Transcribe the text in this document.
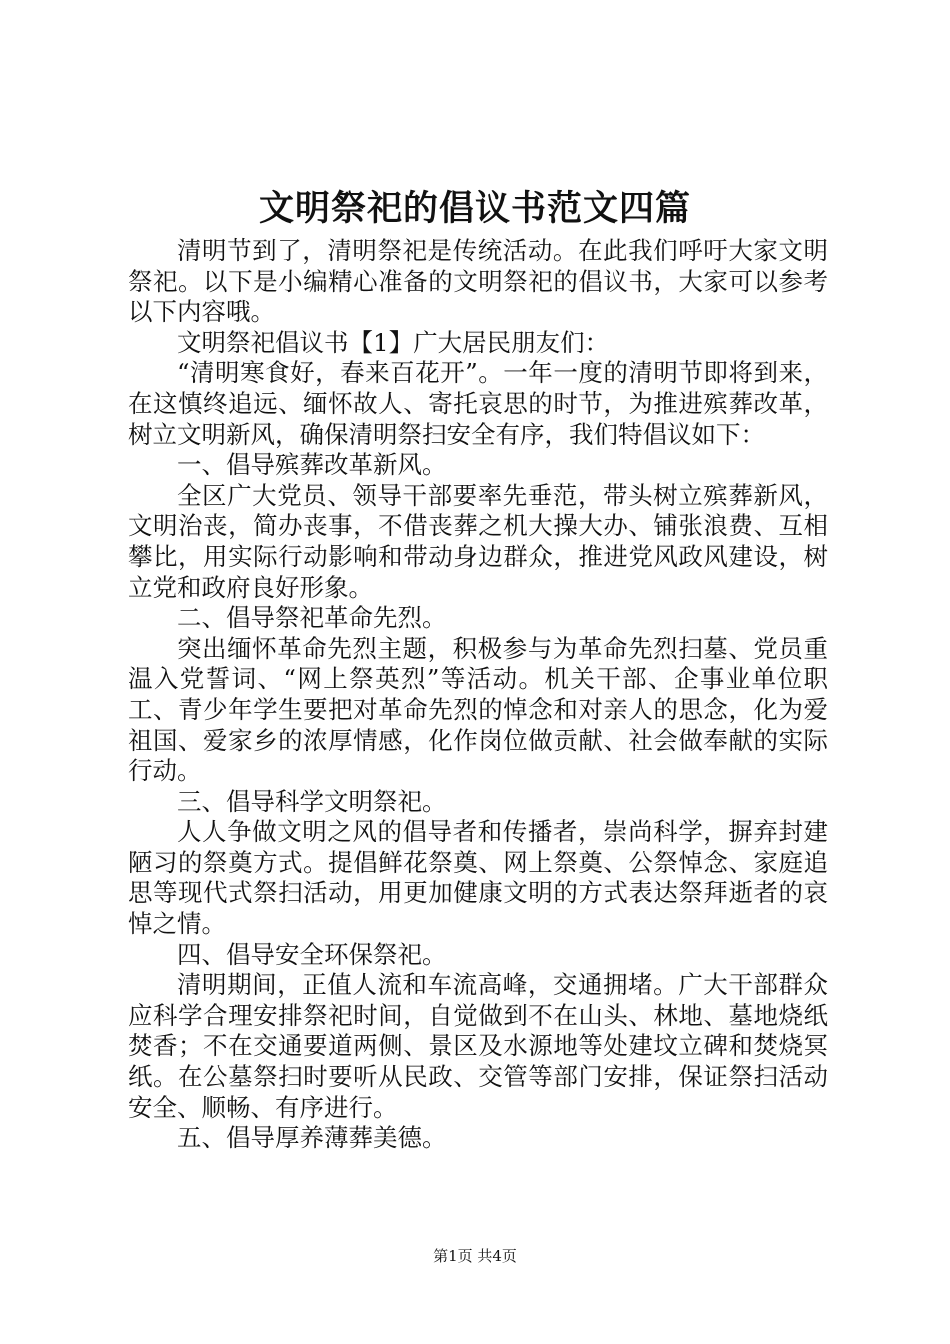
文明祭祀的倡议书范文四篇

清明节到了，清明祭祀是传统活动。在此我们呼吁大家文明祭祀。以下是小编精心准备的文明祭祀的倡议书，大家可以参考以下内容哦。

文明祭祀倡议书【1】广大居民朋友们：

“清明寒食好，春来百花开”。一年一度的清明节即将到来，在这慎终追远、缅怀故人、寄托哀思的时节，为推进殡葬改革，树立文明新风，确保清明祭扫安全有序，我们特倡议如下：

一、倡导殡葬改革新风。

全区广大党员、领导干部要率先垂范，带头树立殡葬新风，文明治丧，简办丧事，不借丧葬之机大操大办、铺张浪费、互相攀比，用实际行动影响和带动身边群众，推进党风政风建设，树立党和政府良好形象。

二、倡导祭祀革命先烈。

突出缅怀革命先烈主题，积极参与为革命先烈扫墓、党员重温入党誓词、“网上祭英烈”等活动。机关干部、企事业单位职工、青少年学生要把对革命先烈的悼念和对亲人的思念，化为爱祖国、爱家乡的浓厚情感，化作岗位做贡献、社会做奉献的实际行动。

三、倡导科学文明祭祀。

人人争做文明之风的倡导者和传播者，崇尚科学，摒弃封建陋习的祭奠方式。提倡鲜花祭奠、网上祭奠、公祭悼念、家庭追思等现代式祭扫活动，用更加健康文明的方式表达祭拜逝者的哀悼之情。

四、倡导安全环保祭祀。

清明期间，正值人流和车流高峰，交通拥堵。广大干部群众应科学合理安排祭祀时间，自觉做到不在山头、林地、墓地烧纸焚香；不在交通要道两侧、景区及水源地等处建坟立碑和焚烧冥纸。在公墓祭扫时要听从民政、交管等部门安排，保证祭扫活动安全、顺畅、有序进行。

五、倡导厚养薄葬美德。

第1页 共4页
